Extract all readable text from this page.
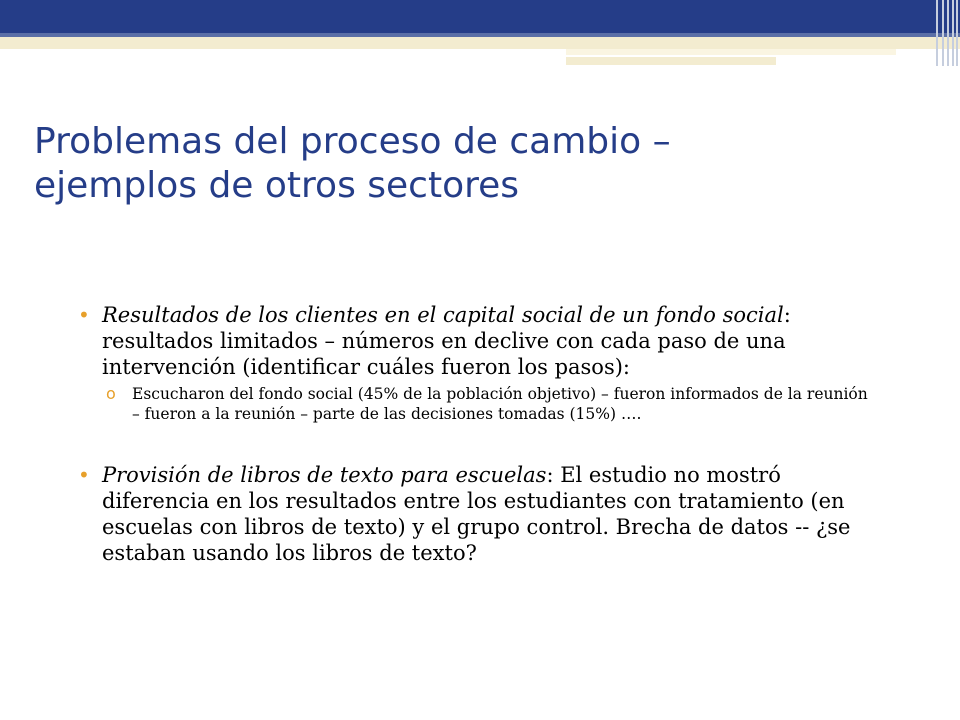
Problemas del proceso de cambio –
ejemplos de otros sectores
• Resultados de los clientes en el capital social de un fondo social: resultados limitados – números en declive con cada paso de una intervención (identificar cuáles fueron los pasos):
o Escucharon del fondo social (45% de la población objetivo) – fueron informados de la reunión – fueron a la reunión – parte de las decisiones tomadas (15%) ….
• Provisión de libros de texto para escuelas: El estudio no mostró diferencia en los resultados entre los estudiantes con tratamiento (en escuelas con libros de texto) y el grupo control. Brecha de datos -- ¿se estaban usando los libros de texto?
